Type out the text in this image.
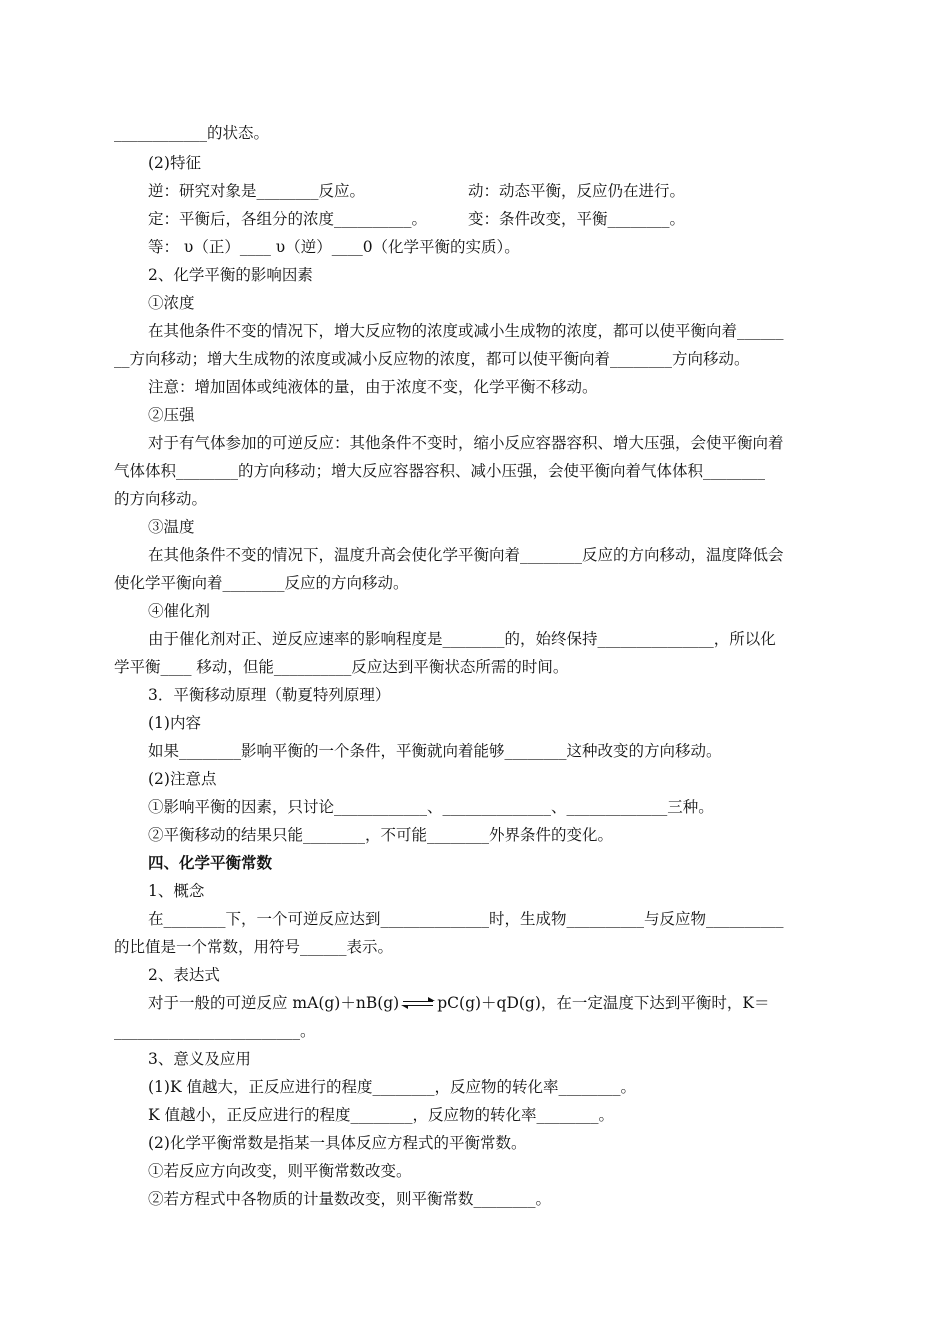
____________的状态。
(2)特征
逆：研究对象是________反应。	动：动态平衡，反应仍在进行。
定：平衡后，各组分的浓度__________。	变：条件改变，平衡________。
等： υ（正）____ υ（逆）____0（化学平衡的实质）。
2、化学平衡的影响因素
①浓度
在其他条件不变的情况下，增大反应物的浓度或减小生成物的浓度，都可以使平衡向着______
__方向移动；增大生成物的浓度或减小反应物的浓度，都可以使平衡向着________方向移动。
注意：增加固体或纯液体的量，由于浓度不变，化学平衡不移动。
②压强
对于有气体参加的可逆反应：其他条件不变时，缩小反应容器容积、增大压强，会使平衡向着
气体体积________的方向移动；增大反应容器容积、减小压强，会使平衡向着气体体积________
的方向移动。
③温度
在其他条件不变的情况下，温度升高会使化学平衡向着________反应的方向移动，温度降低会
使化学平衡向着________反应的方向移动。
④催化剂
由于催化剂对正、逆反应速率的影响程度是________的，始终保持_______________，所以化
学平衡____ 移动，但能__________反应达到平衡状态所需的时间。
3．平衡移动原理（勒夏特列原理）
(1)内容
如果________影响平衡的一个条件，平衡就向着能够________这种改变的方向移动。
(2)注意点
①影响平衡的因素，只讨论____________、______________、_____________三种。
②平衡移动的结果只能________，不可能________外界条件的变化。
四、化学平衡常数
1、概念
在________下，一个可逆反应达到______________时，生成物__________与反应物__________
的比值是一个常数，用符号______表示。
2、表达式
对于一般的可逆反应 mA(g)＋nB(g) pC(g)＋qD(g)，在一定温度下达到平衡时，K＝
________________________。
3、意义及应用
(1)K 值越大，正反应进行的程度________，反应物的转化率________。
K 值越小，正反应进行的程度________，反应物的转化率________。
(2)化学平衡常数是指某一具体反应方程式的平衡常数。
①若反应方向改变，则平衡常数改变。
②若方程式中各物质的计量数改变，则平衡常数________。
